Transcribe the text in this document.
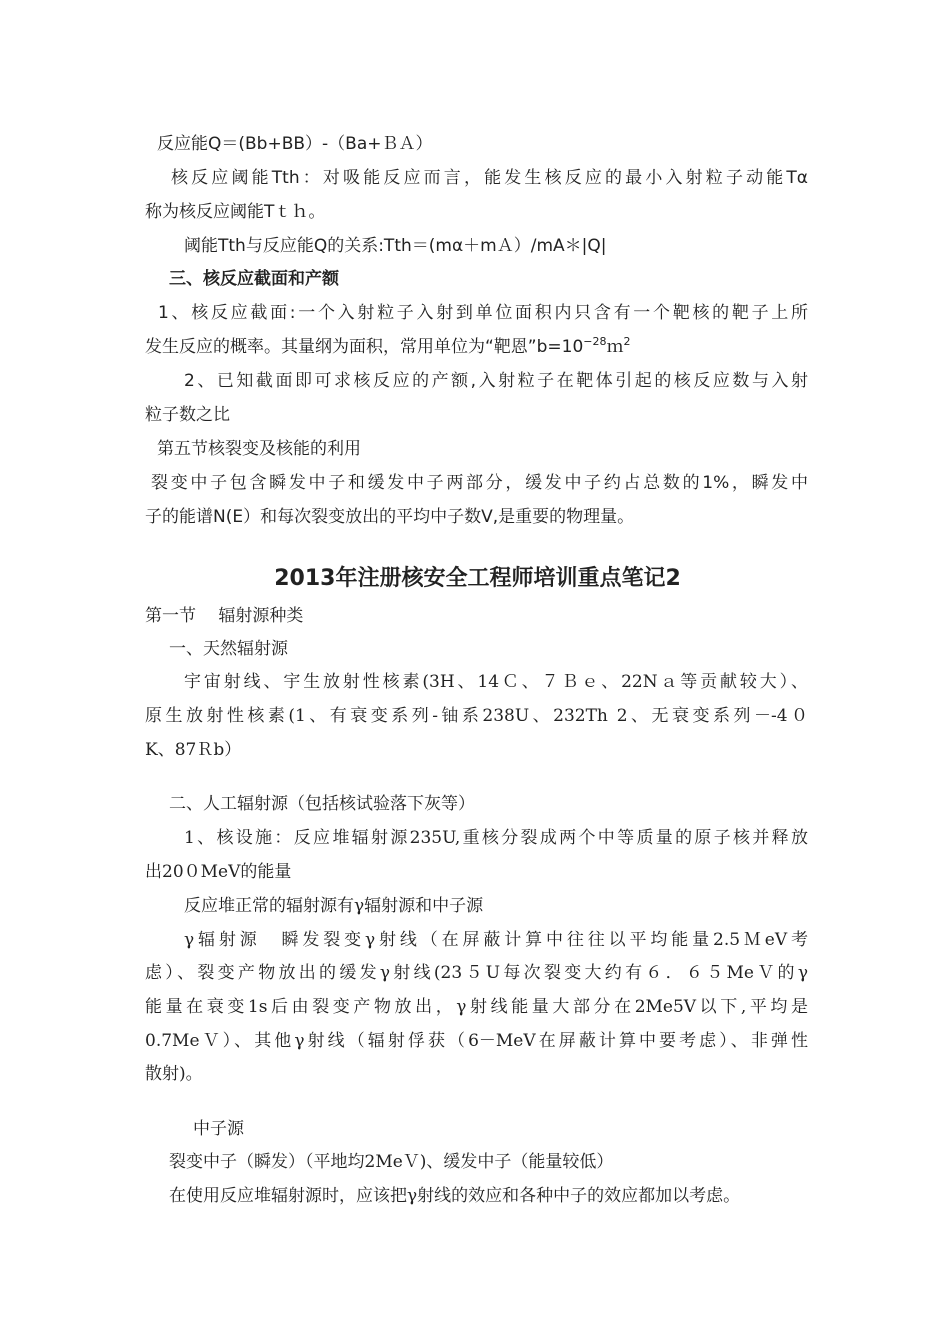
反应能Q＝(Bb+BB）-（Ba+ＢＡ）
核反应阈能Tth：对吸能反应而言，能发生核反应的最小入射粒子动能Tα
称为核反应阈能Tｔｈ。
阈能Tth与反应能Q的关系:Tth＝(mα＋mＡ）/mA＊|Q|
三、核反应截面和产额
1、核反应截面:一个入射粒子入射到单位面积内只含有一个靶核的靶子上所
发生反应的概率。其量纲为面积，常用单位为“靶恩$”b=10^{-28}m^2$
2、已知截面即可求核反应的产额,入射粒子在靶体引起的核反应数与入射
粒子数之比
第五节核裂变及核能的利用
裂变中子包含瞬发中子和缓发中子两部分，缓发中子约占总数的1%，瞬发中
子的能谱N(E）和每次裂变放出的平均中子数V,是重要的物理量。
2013年注册核安全工程师培训重点笔记2
第一节　 辐射源种类
一、天然辐射源
宇宙射线、宇生放射性核素(3H、14Ｃ、７Ｂｅ、22Nａ等贡献较大）、
原生放射性核素(1、有衰变系列-铀系238U、232Th 2、无衰变系列－-4０
K、87Ｒb）
二、人工辐射源（包括核试验落下灰等）
1、核设施：反应堆辐射源235U,重核分裂成两个中等质量的原子核并释放
出20０MeV的能量
反应堆正常的辐射源有γ辐射源和中子源
γ辐射源　瞬发裂变γ射线（在屏蔽计算中往往以平均能量2.5ＭeV考
虑）、裂变产物放出的缓发γ射线(23５U每次裂变大约有６．６５MeＶ的γ
能量在衰变1s后由裂变产物放出，γ射线能量大部分在2Me5V以下,平均是
0.7MeＶ）、其他γ射线（辐射俘获（6－MeV在屏蔽计算中要考虑）、非弹性
散射)。
中子源
裂变中子（瞬发）（平地均2MeＶ)、缓发中子（能量较低）
在使用反应堆辐射源时，应该把γ射线的效应和各种中子的效应都加以考虑。
